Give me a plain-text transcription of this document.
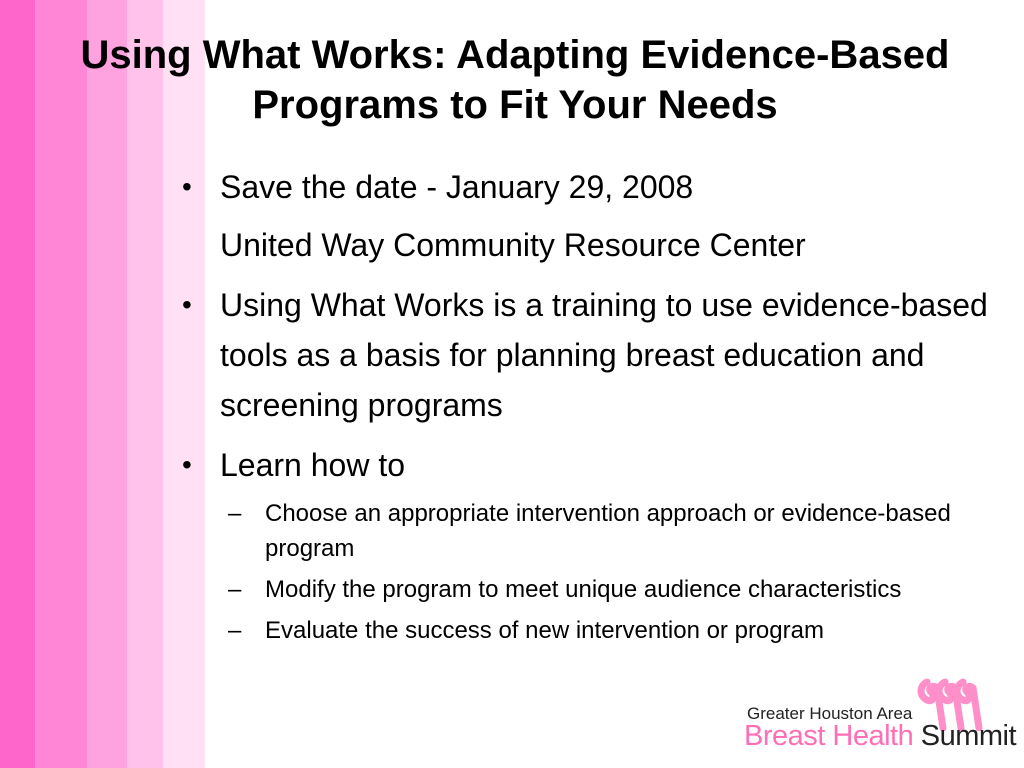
Using What Works: Adapting Evidence-Based Programs to Fit Your Needs
• Save the date - January 29, 2008
United Way Community Resource Center
• Using What Works is a training to use evidence-based tools as a basis for planning breast education and screening programs
• Learn how to
– Choose an appropriate intervention approach or evidence-based program
– Modify the program to meet unique audience characteristics
– Evaluate the success of new intervention or program
Greater Houston Area
Breast Health Summit
